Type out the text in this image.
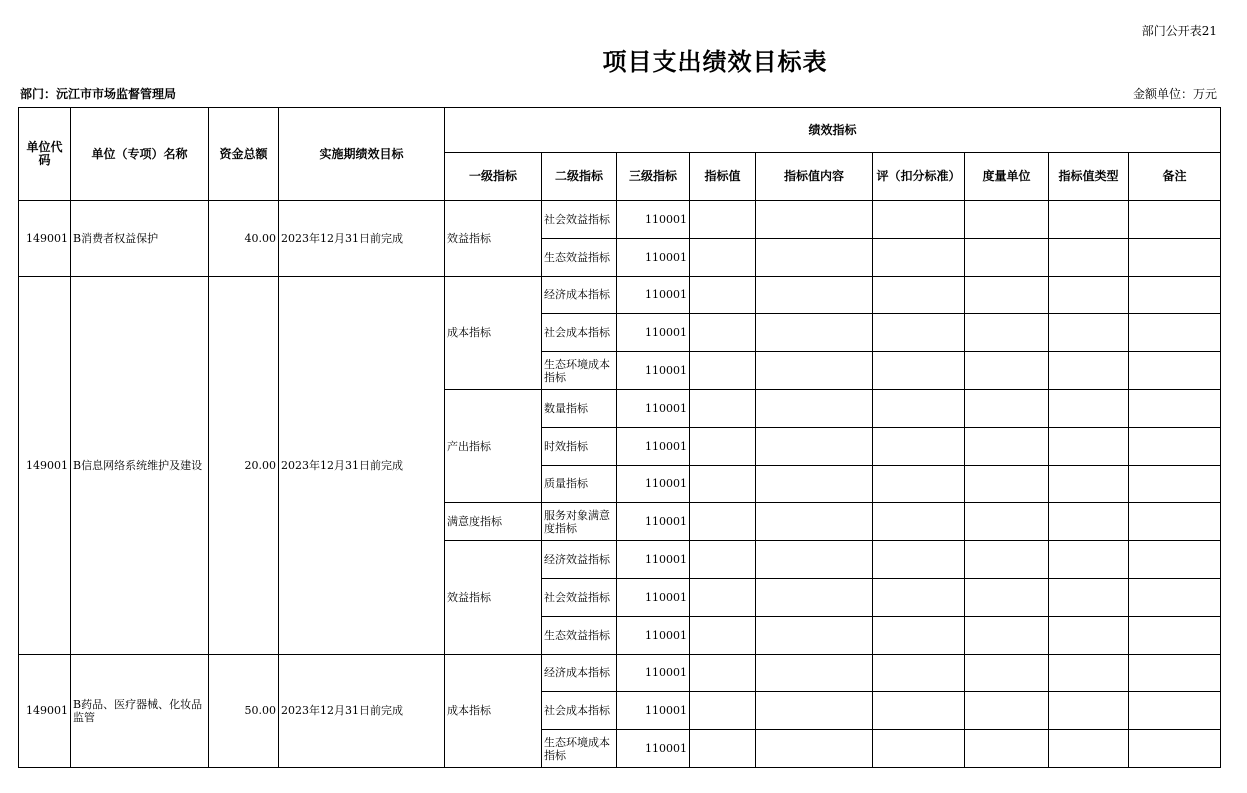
部门公开表21
项目支出绩效目标表
部门：沅江市市场监督管理局	金额单位：万元
单位代码	单位（专项）名称	资金总额	实施期绩效目标	绩效指标								
				一级指标	二级指标	三级指标	指标值	指标值内容	评（扣分标准）	度量单位	指标值类型	备注
149001	B消费者权益保护	40.00	2023年12月31日前完成	效益指标	社会效益指标	110001						
					生态效益指标	110001						
149001	B信息网络系统维护及建设	20.00	2023年12月31日前完成	成本指标	经济成本指标	110001						
					社会成本指标	110001						
					生态环境成本指标	110001						
				产出指标	数量指标	110001						
					时效指标	110001						
					质量指标	110001						
				满意度指标	服务对象满意度指标	110001						
				效益指标	经济效益指标	110001						
					社会效益指标	110001						
					生态效益指标	110001						
149001	B药品、医疗器械、化妆品监管	50.00	2023年12月31日前完成	成本指标	经济成本指标	110001						
					社会成本指标	110001						
					生态环境成本指标	110001						
